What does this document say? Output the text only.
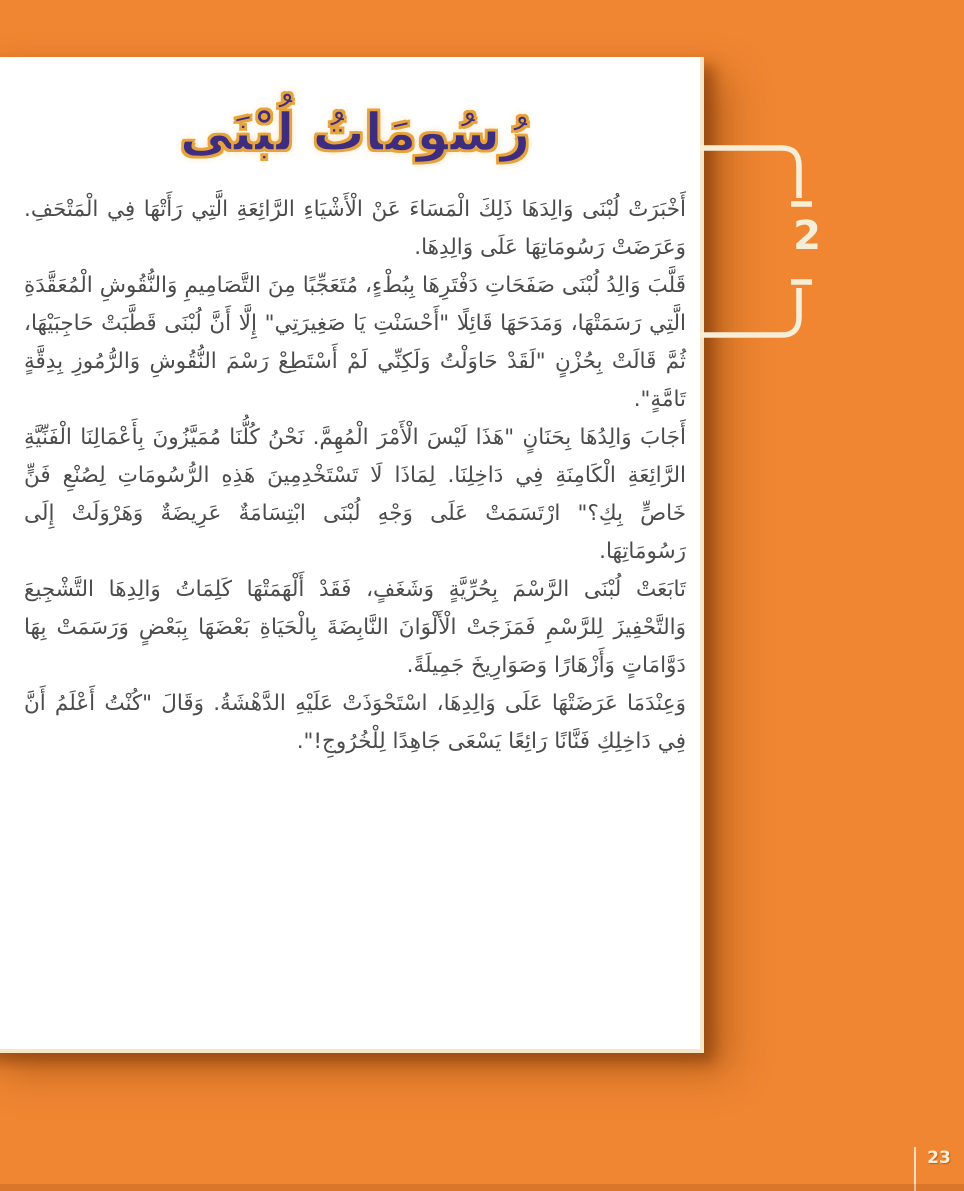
رُسُومَاتُ لُبْنَى

أَخْبَرَتْ لُبْنَى وَالِدَهَا ذَلِكَ الْمَسَاءَ عَنْ الْأَشْيَاءِ الرَّائِعَةِ الَّتِي رَأَتْهَا فِي الْمَتْحَفِ. وَعَرَضَتْ رَسُومَاتِهَا عَلَى وَالِدِهَا.

قَلَّبَ وَالِدُ لُبْنَى صَفَحَاتِ دَفْتَرِهَا بِبُطْءٍ، مُتَعَجِّبًا مِنَ التَّصَامِيمِ وَالنُّقُوشِ الْمُعَقَّدَةِ الَّتِي رَسَمَتْهَا، وَمَدَحَهَا قَائِلًا "أَحْسَنْتِ يَا صَغِيرَتِي" إِلَّا أَنَّ لُبْنَى قَطَّبَتْ حَاجِبَيْهَا، ثُمَّ قَالَتْ بِحُزْنٍ "لَقَدْ حَاوَلْتُ وَلَكِنِّي لَمْ أَسْتَطِعْ رَسْمَ النُّقُوشِ وَالرُّمُوزِ بِدِقَّةٍ تَامَّةٍ".

أَجَابَ وَالِدُهَا بِحَنَانٍ "هَذَا لَيْسَ الْأَمْرَ الْمُهِمَّ. نَحْنُ كُلُّنَا مُمَيَّزُونَ بِأَعْمَالِنَا الْفَنِّيَّةِ الرَّائِعَةِ الْكَامِنَةِ فِي دَاخِلِنَا. لِمَاذَا لَا تَسْتَخْدِمِينَ هَذِهِ الرُّسُومَاتِ لِصُنْعِ فَنٍّ خَاصٍّ بِكِ؟" ارْتَسَمَتْ عَلَى وَجْهِ لُبْنَى ابْتِسَامَةٌ عَرِيضَةٌ وَهَرْوَلَتْ إِلَى رَسُومَاتِهَا.

تَابَعَتْ لُبْنَى الرَّسْمَ بِحُرِّيَّةٍ وَشَغَفٍ، فَقَدْ أَلْهَمَتْهَا كَلِمَاتُ وَالِدِهَا التَّشْجِيعَ وَالتَّحْفِيزَ لِلرَّسْمِ فَمَزَجَتْ الْأَلْوَانَ النَّابِضَةَ بِالْحَيَاةِ بَعْضَهَا بِبَعْضٍ وَرَسَمَتْ بِهَا دَوَّامَاتٍ وَأَزْهَارًا وَصَوَارِيخَ جَمِيلَةً.

وَعِنْدَمَا عَرَضَتْهَا عَلَى وَالِدِهَا، اسْتَحْوَذَتْ عَلَيْهِ الدَّهْشَةُ. وَقَالَ "كُنْتُ أَعْلَمُ أَنَّ فِي دَاخِلِكِ فَنَّانًا رَائِعًا يَسْعَى جَاهِدًا لِلْخُرُوجِ!".

2
23
